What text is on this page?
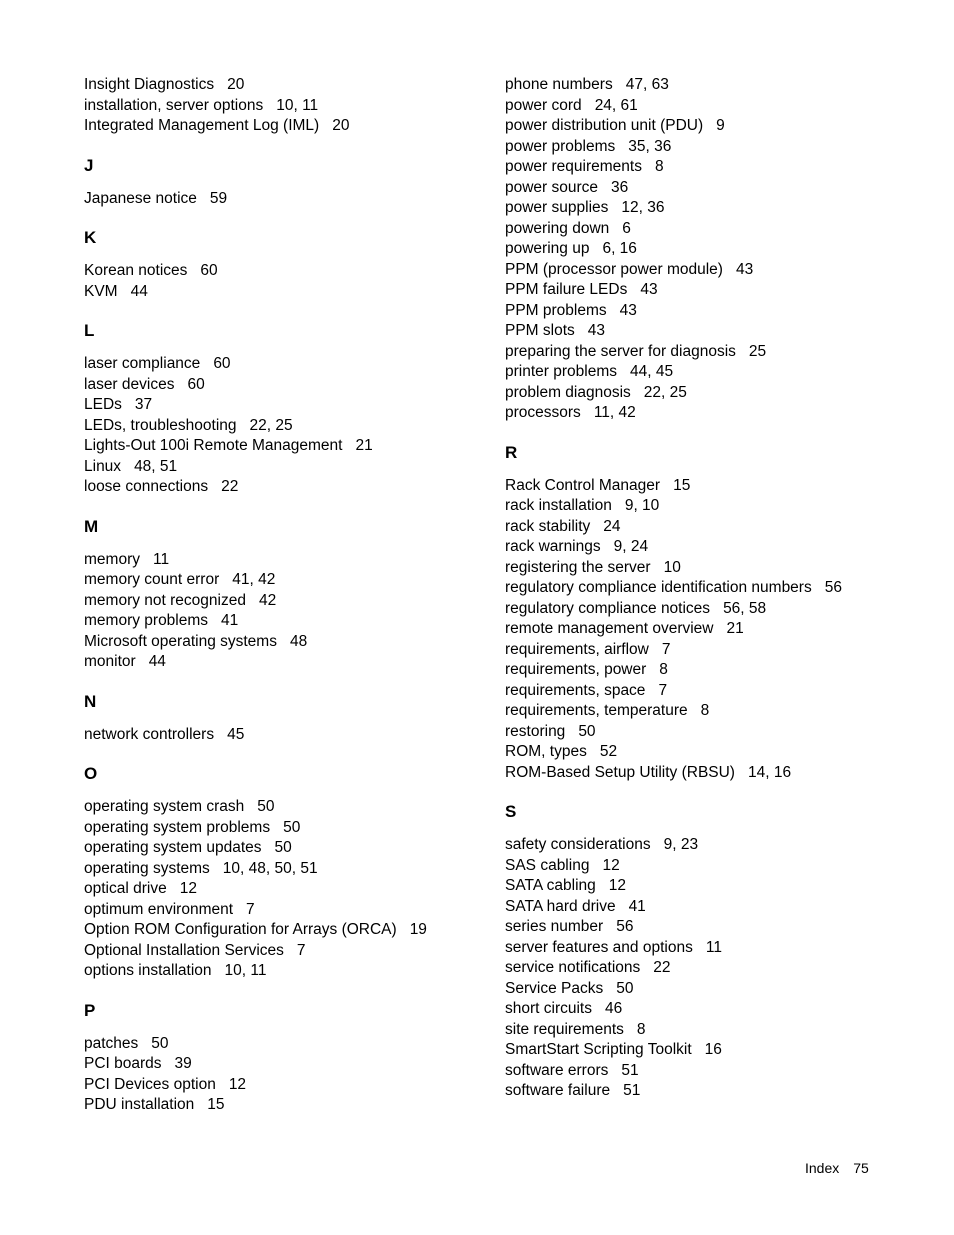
Insight Diagnostics 20
installation, server options 10, 11
Integrated Management Log (IML) 20
J
Japanese notice 59
K
Korean notices 60
KVM 44
L
laser compliance 60
laser devices 60
LEDs 37
LEDs, troubleshooting 22, 25
Lights-Out 100i Remote Management 21
Linux 48, 51
loose connections 22
M
memory 11
memory count error 41, 42
memory not recognized 42
memory problems 41
Microsoft operating systems 48
monitor 44
N
network controllers 45
O
operating system crash 50
operating system problems 50
operating system updates 50
operating systems 10, 48, 50, 51
optical drive 12
optimum environment 7
Option ROM Configuration for Arrays (ORCA) 19
Optional Installation Services 7
options installation 10, 11
P
patches 50
PCI boards 39
PCI Devices option 12
PDU installation 15
phone numbers 47, 63
power cord 24, 61
power distribution unit (PDU) 9
power problems 35, 36
power requirements 8
power source 36
power supplies 12, 36
powering down 6
powering up 6, 16
PPM (processor power module) 43
PPM failure LEDs 43
PPM problems 43
PPM slots 43
preparing the server for diagnosis 25
printer problems 44, 45
problem diagnosis 22, 25
processors 11, 42
R
Rack Control Manager 15
rack installation 9, 10
rack stability 24
rack warnings 9, 24
registering the server 10
regulatory compliance identification numbers 56
regulatory compliance notices 56, 58
remote management overview 21
requirements, airflow 7
requirements, power 8
requirements, space 7
requirements, temperature 8
restoring 50
ROM, types 52
ROM-Based Setup Utility (RBSU) 14, 16
S
safety considerations 9, 23
SAS cabling 12
SATA cabling 12
SATA hard drive 41
series number 56
server features and options 11
service notifications 22
Service Packs 50
short circuits 46
site requirements 8
SmartStart Scripting Toolkit 16
software errors 51
software failure 51
Index 75
